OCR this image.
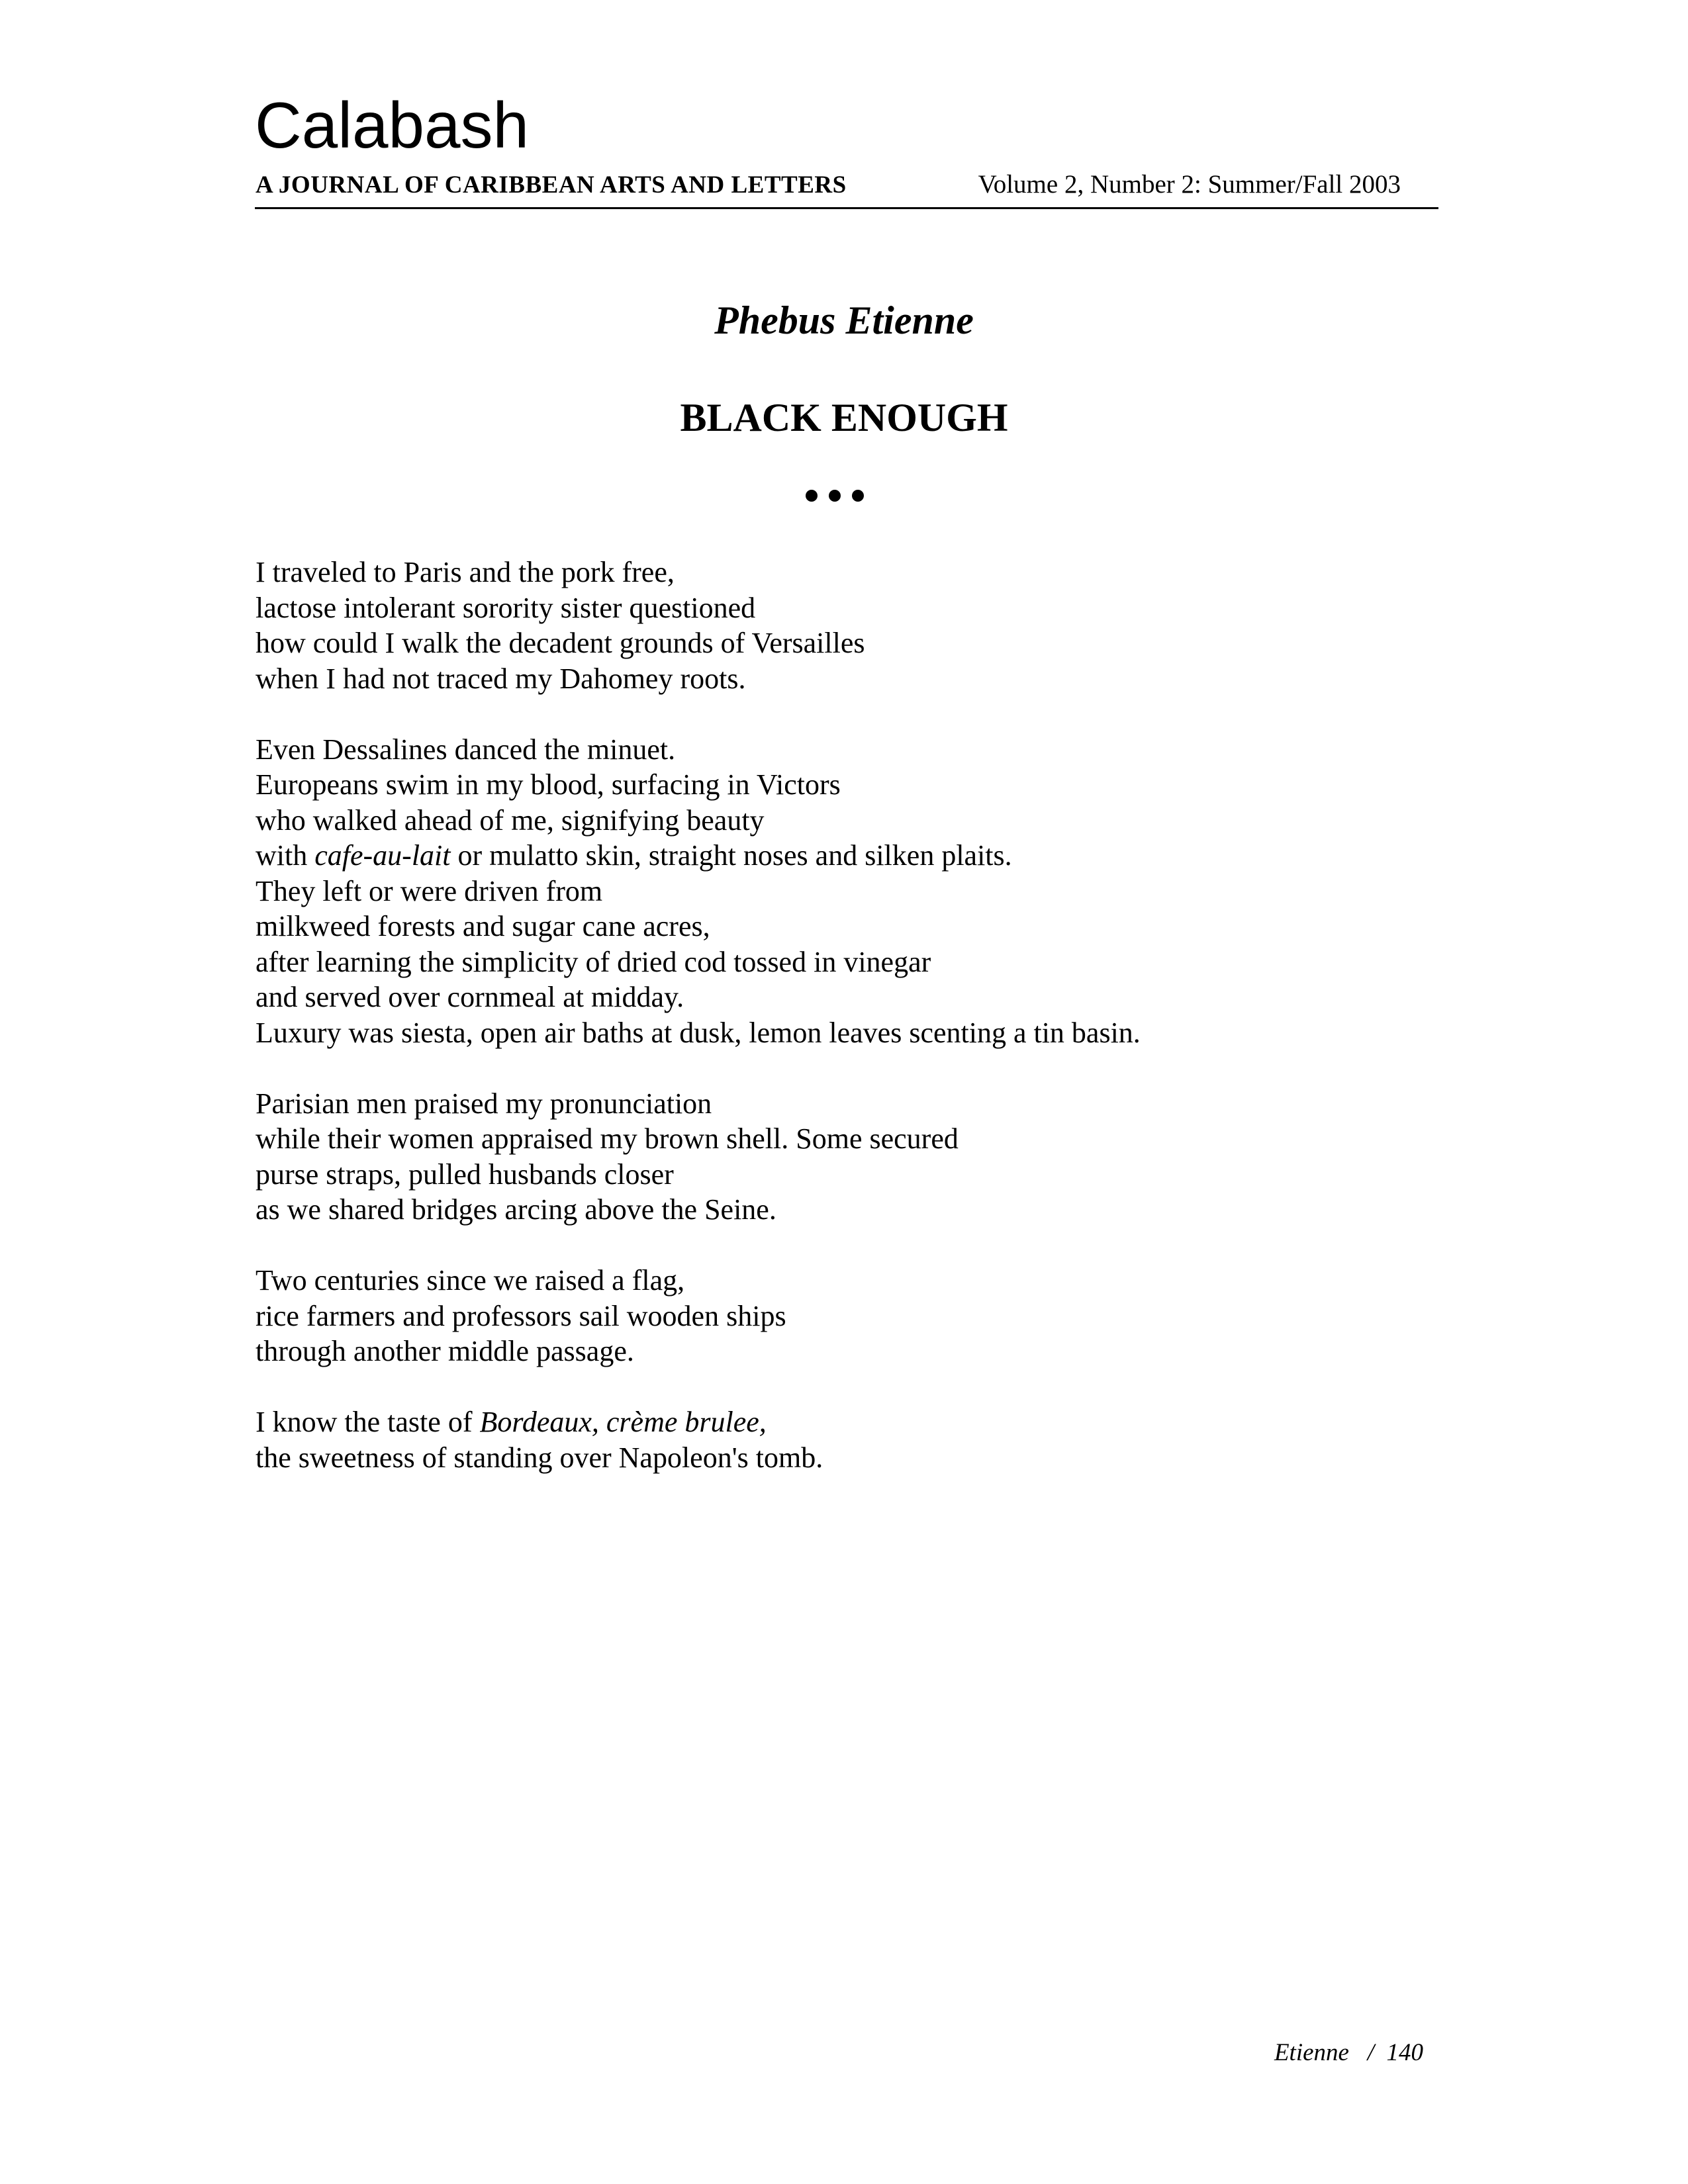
Calabash
A JOURNAL OF CARIBBEAN ARTS AND LETTERS	Volume 2, Number 2: Summer/Fall 2003
Phebus Etienne
BLACK ENOUGH
I traveled to Paris and the pork free,
lactose intolerant sorority sister questioned
how could I walk the decadent grounds of Versailles
when I had not traced my Dahomey roots.
Even Dessalines danced the minuet.
Europeans swim in my blood, surfacing in Victors
who walked ahead of me, signifying beauty
with cafe-au-lait or mulatto skin, straight noses and silken plaits.
They left or were driven from
milkweed forests and sugar cane acres,
after learning the simplicity of dried cod tossed in vinegar
and served over cornmeal at midday.
Luxury was siesta, open air baths at dusk, lemon leaves scenting a tin basin.
Parisian men praised my pronunciation
while their women appraised my brown shell. Some secured
purse straps, pulled husbands closer
as we shared bridges arcing above the Seine.
Two centuries since we raised a flag,
rice farmers and professors sail wooden ships
through another middle passage.
I know the taste of Bordeaux, crème brulee,
the sweetness of standing over Napoleon's tomb.
Etienne / 140
